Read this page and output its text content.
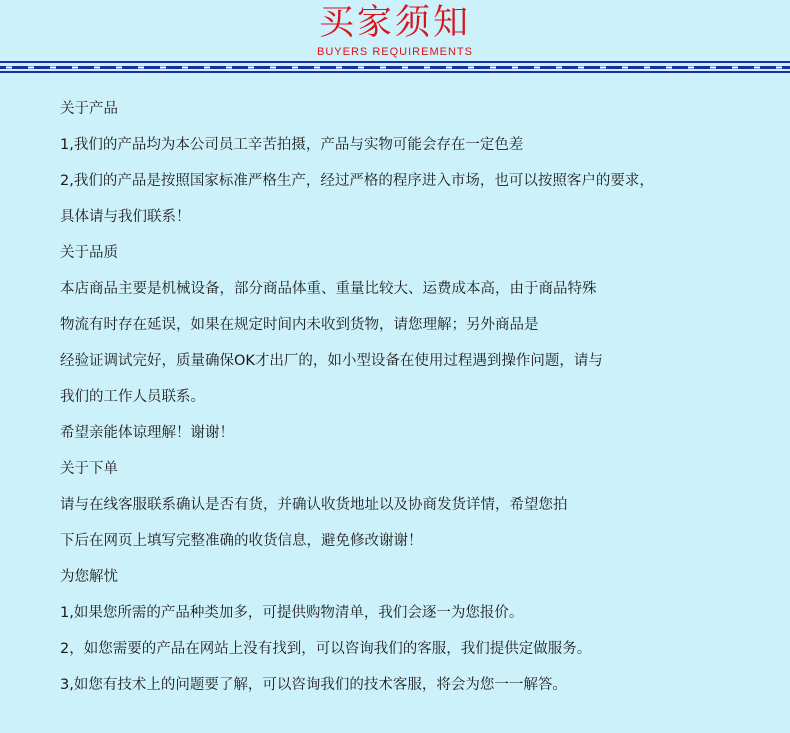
买家须知
BUYERS REQUIREMENTS
关于产品
1,我们的产品均为本公司员工辛苦拍摄，产品与实物可能会存在一定色差
2,我们的产品是按照国家标准严格生产，经过严格的程序进入市场，也可以按照客户的要求，
具体请与我们联系！
关于品质
本店商品主要是机械设备，部分商品体重、重量比较大、运费成本高，由于商品特殊
物流有时存在延误，如果在规定时间内未收到货物，请您理解；另外商品是
经验证调试完好，质量确保OK才出厂的，如小型设备在使用过程遇到操作问题，请与
我们的工作人员联系。
希望亲能体谅理解！谢谢！
关于下单
请与在线客服联系确认是否有货，并确认收货地址以及协商发货详情，希望您拍
下后在网页上填写完整准确的收货信息，避免修改谢谢！
为您解忧
1,如果您所需的产品种类加多，可提供购物清单，我们会逐一为您报价。
2，如您需要的产品在网站上没有找到，可以咨询我们的客服，我们提供定做服务。
3,如您有技术上的问题要了解，可以咨询我们的技术客服，将会为您一一解答。
